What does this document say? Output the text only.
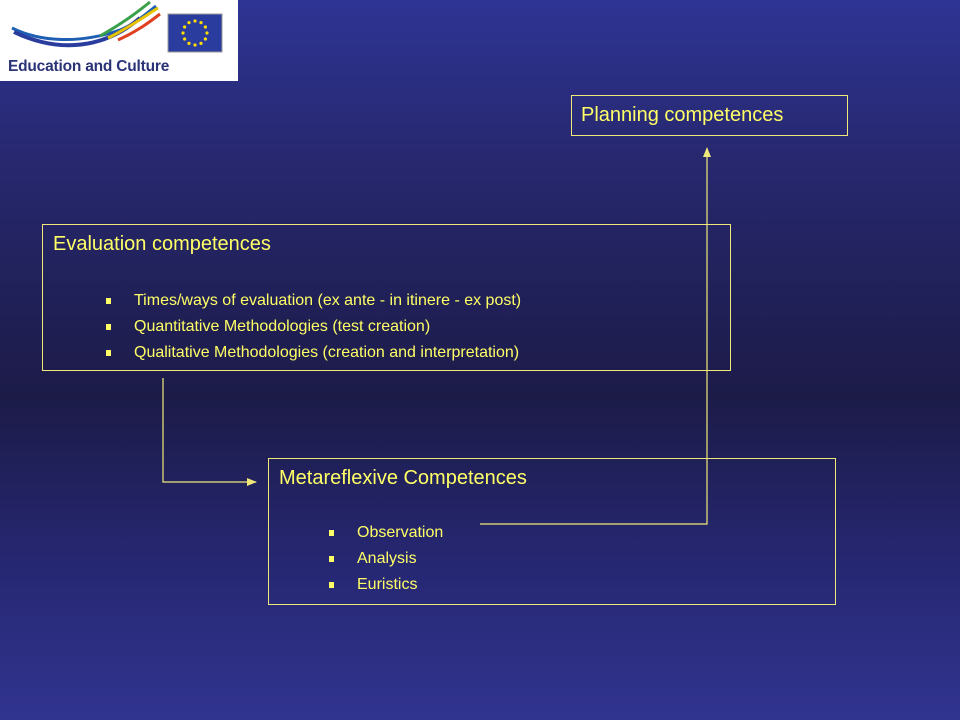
Education and Culture
Planning competences
Evaluation competences
Times/ways of evaluation (ex ante - in itinere - ex post)
Quantitative Methodologies (test creation)
Qualitative Methodologies (creation and interpretation)
Metareflexive Competences
Observation
Analysis
Euristics
